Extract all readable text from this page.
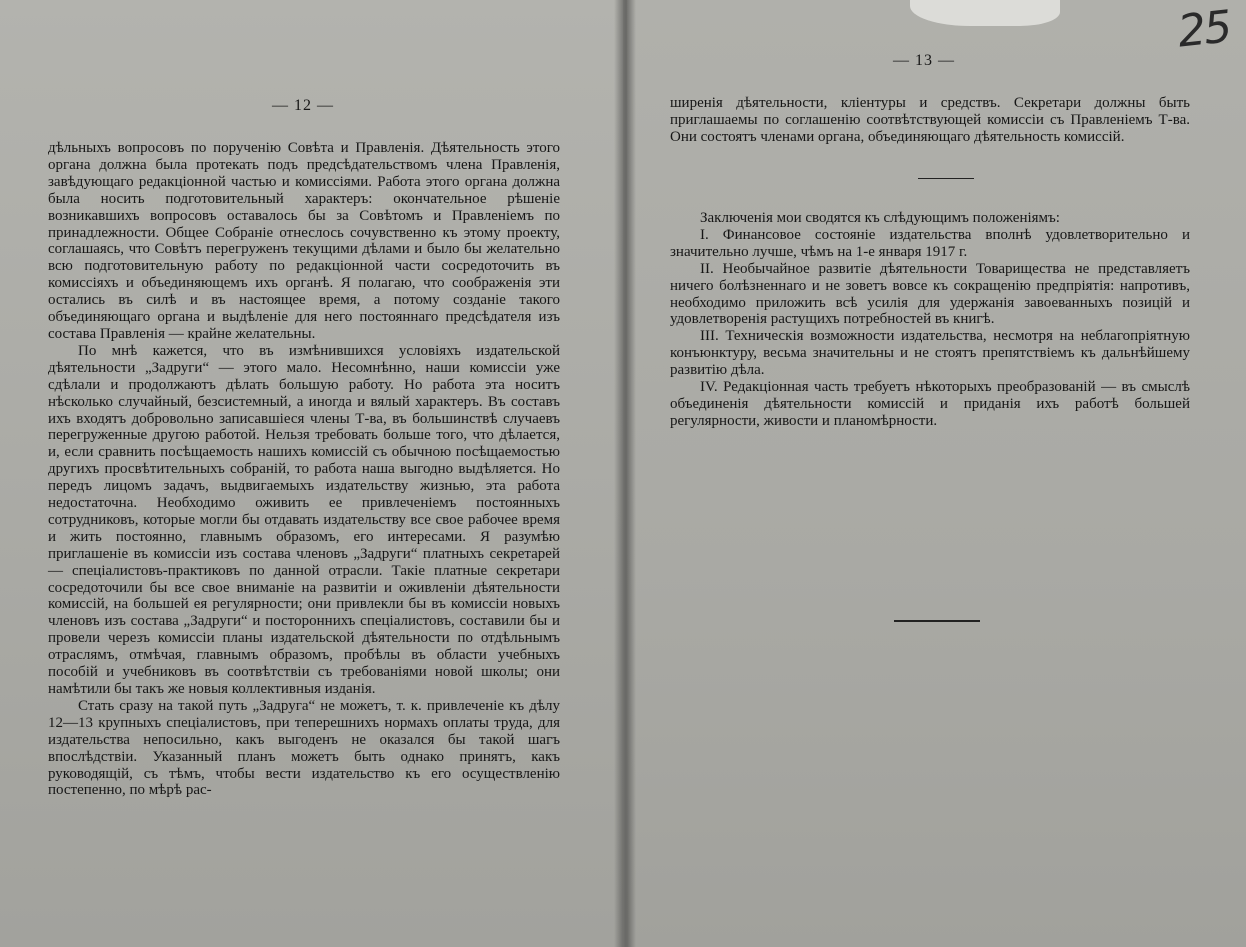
— 12 —

дѣльныхъ вопросовъ по порученію Совѣта и Правленія. Дѣятельность этого органа должна была протекать подъ предсѣдательствомъ члена Правленія, завѣдующаго редакціонной частью и комиссіями. Работа этого органа должна была носить подготовительный характеръ: окончательное рѣшеніе возникавшихъ вопросовъ оставалось бы за Совѣтомъ и Правленіемъ по принадлежности. Общее Собраніе отнеслось сочувственно къ этому проекту, соглашаясь, что Совѣтъ перегруженъ текущими дѣлами и было бы желательно всю подготовительную работу по редакціонной части сосредоточить въ комиссіяхъ и объединяющемъ ихъ органѣ. Я полагаю, что соображенія эти остались въ силѣ и въ настоящее время, а потому созданіе такого объединяющаго органа и выдѣленіе для него постояннаго предсѣдателя изъ состава Правленія — крайне желательны.

По мнѣ кажется, что въ измѣнившихся условіяхъ издательской дѣятельности „Задруги“ — этого мало. Несомнѣнно, наши комиссіи уже сдѣлали и продолжаютъ дѣлать большую работу. Но работа эта носитъ нѣсколько случайный, безсистемный, а иногда и вялый характеръ. Въ составъ ихъ входятъ добровольно записавшіеся члены Т-ва, въ большинствѣ случаевъ перегруженные другою работой. Нельзя требовать больше того, что дѣлается, и, если сравнить посѣщаемость нашихъ комиссій съ обычною посѣщаемостью другихъ просвѣтительныхъ собраній, то работа наша выгодно выдѣляется. Но передъ лицомъ задачъ, выдвигаемыхъ издательству жизнью, эта работа недостаточна. Необходимо оживить ее привлеченіемъ постоянныхъ сотрудниковъ, которые могли бы отдавать издательству все свое рабочее время и жить постоянно, главнымъ образомъ, его интересами. Я разумѣю приглашеніе въ комиссіи изъ состава членовъ „Задруги“ платныхъ секретарей — спеціалистовъ-практиковъ по данной отрасли. Такіе платные секретари сосредоточили бы все свое вниманіе на развитіи и оживленіи дѣятельности комиссій, на большей ея регулярности; они привлекли бы въ комиссіи новыхъ членовъ изъ состава „Задруги“ и постороннихъ спеціалистовъ, составили бы и провели черезъ комиссіи планы издательской дѣятельности по отдѣльнымъ отраслямъ, отмѣчая, главнымъ образомъ, пробѣлы въ области учебныхъ пособій и учебниковъ въ соотвѣтствіи съ требованіями новой школы; они намѣтили бы такъ же новыя коллективныя изданія.

Стать сразу на такой путь „Задруга“ не можетъ, т. к. привлеченіе къ дѣлу 12—13 крупныхъ спеціалистовъ, при теперешнихъ нормахъ оплаты труда, для издательства непосильно, какъ выгоденъ не оказался бы такой шагъ впослѣдствіи. Указанный планъ можетъ быть однако принятъ, какъ руководящій, съ тѣмъ, чтобы вести издательство къ его осуществленію постепенно, по мѣрѣ рас-

— 13 —

ширенія дѣятельности, кліентуры и средствъ. Секретари должны быть приглашаемы по соглашенію соотвѣтствующей комиссіи съ Правленіемъ Т-ва. Они состоятъ членами органа, объединяющаго дѣятельность комиссій.

Заключенія мои сводятся къ слѣдующимъ положеніямъ:

I. Финансовое состояніе издательства вполнѣ удовлетворительно и значительно лучше, чѣмъ на 1-е января 1917 г.

II. Необычайное развитіе дѣятельности Товарищества не представляетъ ничего болѣзненнаго и не зоветъ вовсе къ сокращенію предпріятія: напротивъ, необходимо приложить всѣ усилія для удержанія завоеванныхъ позицій и удовлетворенія растущихъ потребностей въ книгѣ.

III. Техническія возможности издательства, несмотря на неблагопріятную конъюнктуру, весьма значительны и не стоятъ препятствіемъ къ дальнѣйшему развитію дѣла.

IV. Редакціонная часть требуетъ нѣкоторыхъ преобразованій — въ смыслѣ объединенія дѣятельности комиссій и приданія ихъ работѣ большей регулярности, живости и планомѣрности.

25
